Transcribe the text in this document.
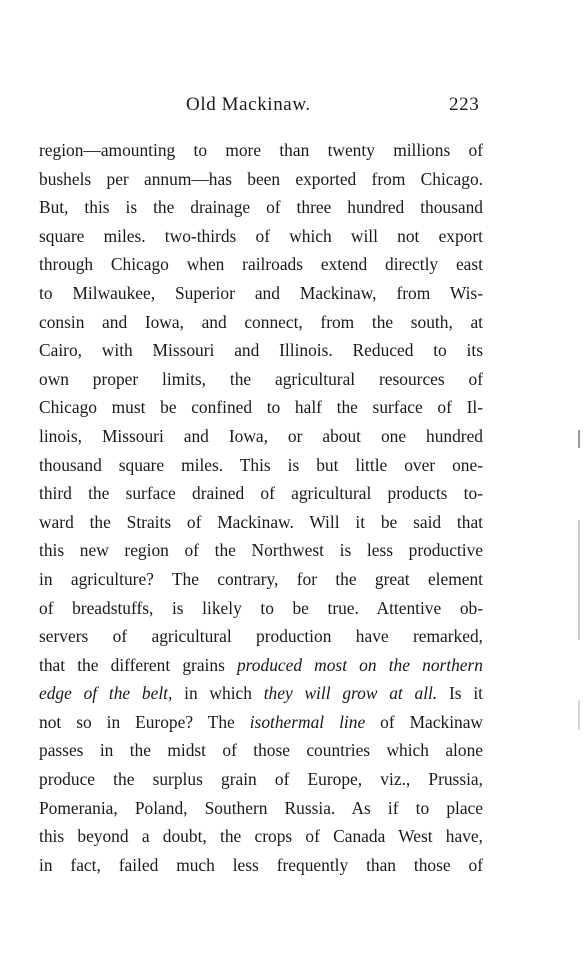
Old Mackinaw.	223
region—amounting to more than twenty millions of
bushels per annum—has been exported from Chicago.
But, this is the drainage of three hundred thousand
square miles. two-thirds of which will not export
through Chicago when railroads extend directly east
to Milwaukee, Superior and Mackinaw, from Wis-
consin and Iowa, and connect, from the south, at
Cairo, with Missouri and Illinois. Reduced to its
own proper limits, the agricultural resources of
Chicago must be confined to half the surface of Il-
linois, Missouri and Iowa, or about one hundred
thousand square miles. This is but little over one-
third the surface drained of agricultural products to-
ward the Straits of Mackinaw. Will it be said that
this new region of the Northwest is less productive
in agriculture? The contrary, for the great element
of breadstuffs, is likely to be true. Attentive ob-
servers of agricultural production have remarked,
that the different grains produced most on the northern
edge of the belt, in which they will grow at all. Is it
not so in Europe? The isothermal line of Mackinaw
passes in the midst of those countries which alone
produce the surplus grain of Europe, viz., Prussia,
Pomerania, Poland, Southern Russia. As if to place
this beyond a doubt, the crops of Canada West have,
in fact, failed much less frequently than those of
